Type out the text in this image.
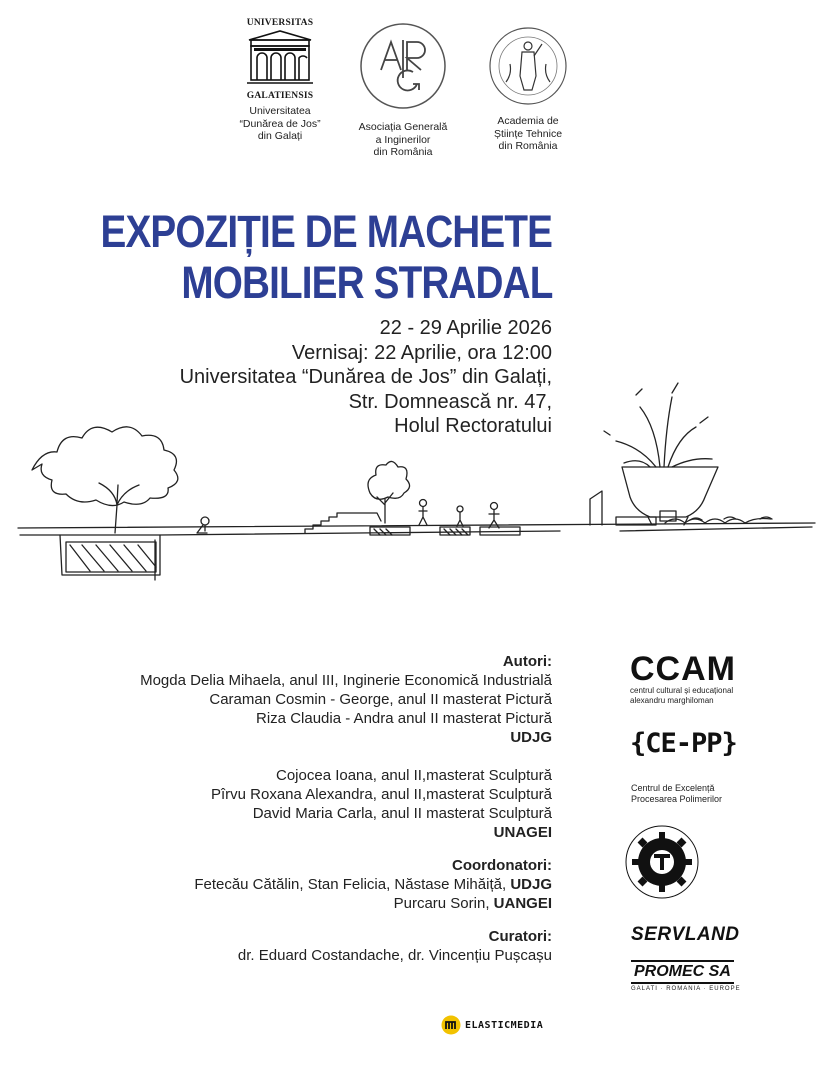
UNIVERSITAS
GALATIENSIS
Universitatea
“Dunărea de Jos”
din Galați
Asociația Generală
a Inginerilor
din România
Academia de
Științe Tehnice
din România
EXPOZIȚIE DE MACHETE
MOBILIER STRADAL
22 - 29 Aprilie 2026
Vernisaj: 22 Aprilie, ora 12:00
Universitatea “Dunărea de Jos” din Galați,
Str. Domnească nr. 47,
Holul Rectoratului
Autori:
Mogda Delia Mihaela, anul III, Inginerie Economică Industrială
Caraman Cosmin - George, anul II masterat Pictură
Riza Claudia - Andra anul II masterat Pictură
UDJG
Cojocea Ioana, anul II,masterat Sculptură
Pîrvu Roxana Alexandra, anul II,masterat Sculptură
David Maria Carla, anul II masterat Sculptură
UNAGEI
Coordonatori:
Fetecău Cătălin, Stan Felicia, Năstase Mihăiță, UDJG
Purcaru Sorin, UANGEI
Curatori:
dr. Eduard Costandache, dr. Vincențiu Pușcașu
CCAM
centrul cultural și educațional
alexandru marghiloman
{CE-PP}
Centrul de Excelență
Procesarea Polimerilor
SERVLAND
PROMEC SA
GALATI · ROMANIA · EUROPE
ELASTICMEDIA
